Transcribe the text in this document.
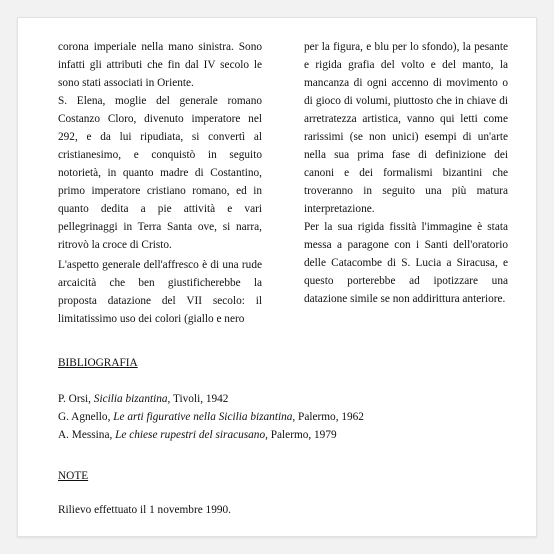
corona imperiale nella mano sinistra. Sono infatti gli attributi che fin dal IV secolo le sono stati associati in Oriente.

S. Elena, moglie del generale romano Costanzo Cloro, divenuto imperatore nel 292, e da lui ripudiata, si convertì al cristianesimo, e conquistò in seguito notorietà, in quanto madre di Costantino, primo imperatore cristiano romano, ed in quanto dedita a pie attività e vari pellegrinaggi in Terra Santa ove, si narra, ritrovò la croce di Cristo.

L'aspetto generale dell'affresco è di una rude arcaicità che ben giustificherebbe la proposta datazione del VII secolo: il limitatissimo uso dei colori (giallo e nero

per la figura, e blu per lo sfondo), la pesante e rigida grafia del volto e del manto, la mancanza di ogni accenno di movimento o di gioco di volumi, piuttosto che in chiave di arretratezza artistica, vanno qui letti come rarissimi (se non unici) esempi di un'arte nella sua prima fase di definizione dei canoni e dei formalismi bizantini che troveranno in seguito una più matura interpretazione.

Per la sua rigida fissità l'immagine è stata messa a paragone con i Santi dell'oratorio delle Catacombe di S. Lucia a Siracusa, e questo porterebbe ad ipotizzare una datazione simile se non addirittura anteriore.

BIBLIOGRAFIA

P. Orsi, Sicilia bizantina, Tivoli, 1942

G. Agnello, Le arti figurative nella Sicilia bizantina, Palermo, 1962

A. Messina, Le chiese rupestri del siracusano, Palermo, 1979

NOTE

Rilievo effettuato il 1 novembre 1990.
